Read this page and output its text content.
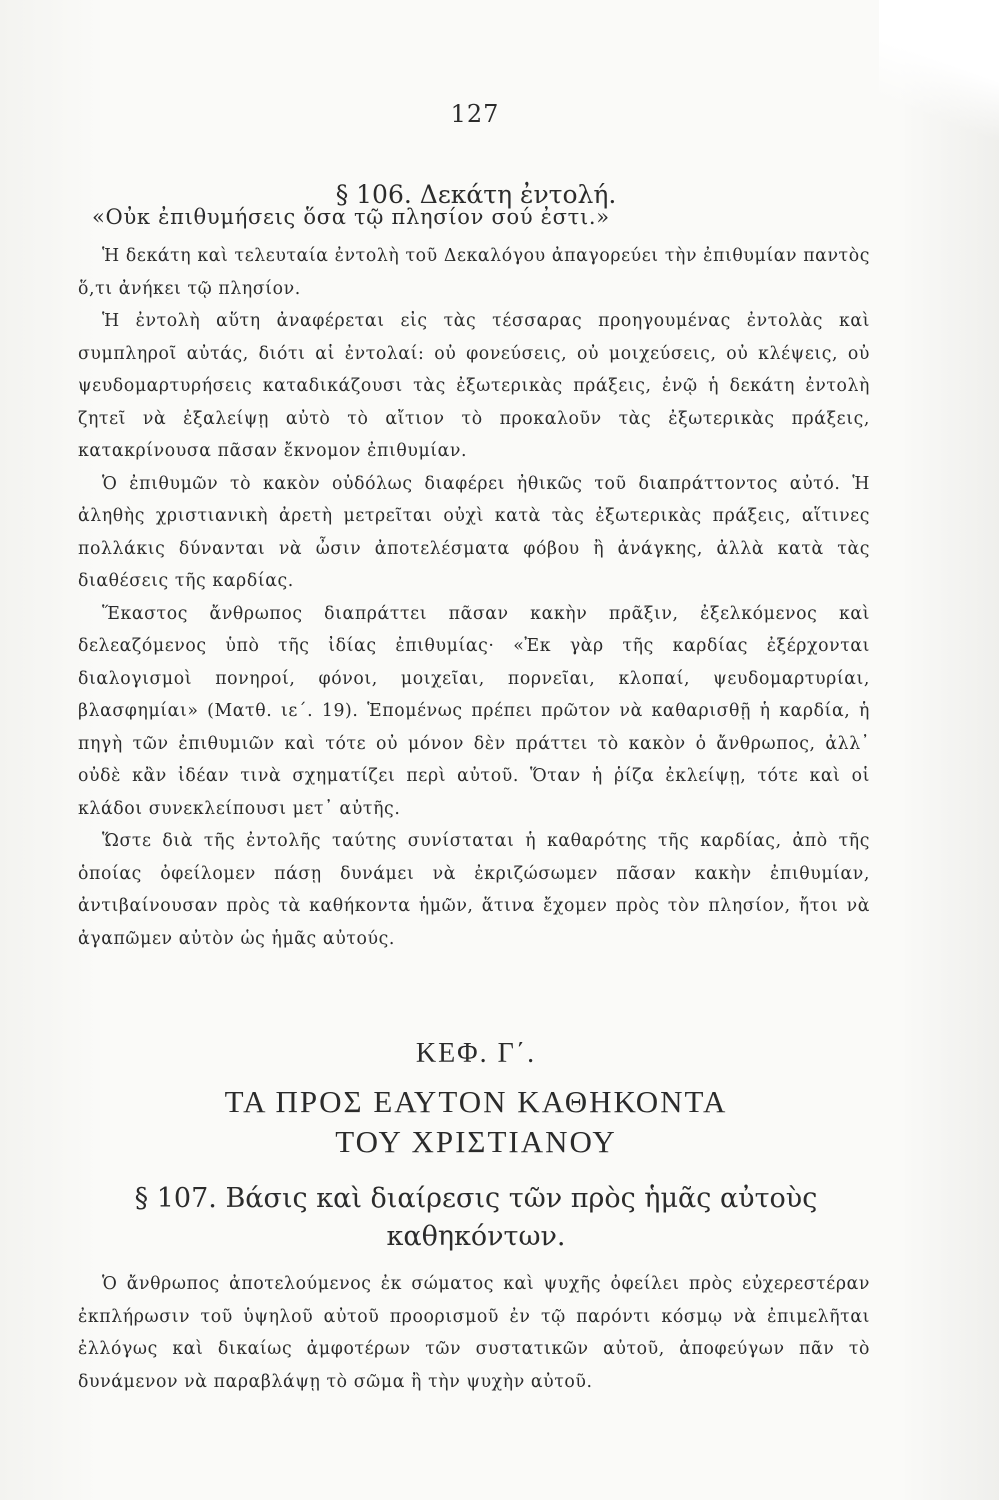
127
§ 106. Δεκάτη ἐντολή.
«Οὐκ ἐπιθυμήσεις ὅσα τῷ πλησίον σού ἐστι.»

Ἡ δεκάτη καὶ τελευταία ἐντολὴ τοῦ Δεκαλόγου ἀπαγορεύει τὴν ἐπιθυμίαν παντὸς ὅ,τι ἀνήκει τῷ πλησίον.

Ἡ ἐντολὴ αὕτη ἀναφέρεται εἰς τὰς τέσσαρας προηγουμένας ἐντολὰς καὶ συμπληροῖ αὐτάς, διότι αἱ ἐντολαί: οὐ φονεύσεις, οὐ μοιχεύσεις, οὐ κλέψεις, οὐ ψευδομαρτυρήσεις καταδικάζουσι τὰς ἐξωτερικὰς πράξεις, ἐνῷ ἡ δεκάτη ἐντολὴ ζητεῖ νὰ ἐξαλείψῃ αὐτὸ τὸ αἴτιον τὸ προκαλοῦν τὰς ἐξωτερικὰς πράξεις, κατακρίνουσα πᾶσαν ἔκνομον ἐπιθυμίαν.

Ὁ ἐπιθυμῶν τὸ κακὸν οὐδόλως διαφέρει ἠθικῶς τοῦ διαπράττοντος αὐτό. Ἡ ἀληθὴς χριστιανικὴ ἀρετὴ μετρεῖται οὐχὶ κατὰ τὰς ἐξωτερικὰς πράξεις, αἵτινες πολλάκις δύνανται νὰ ὦσιν ἀποτελέσματα φόβου ἢ ἀνάγκης, ἀλλὰ κατὰ τὰς διαθέσεις τῆς καρδίας.

Ἕκαστος ἄνθρωπος διαπράττει πᾶσαν κακὴν πρᾶξιν, ἐξελκόμενος καὶ δελεαζόμενος ὑπὸ τῆς ἰδίας ἐπιθυμίας· «Ἐκ γὰρ τῆς καρδίας ἐξέρχονται διαλογισμοὶ πονηροί, φόνοι, μοιχεῖαι, πορνεῖαι, κλοπαί, ψευδομαρτυρίαι, βλασφημίαι» (Ματθ. ιε΄. 19). Ἑπομένως πρέπει πρῶτον νὰ καθαρισθῇ ἡ καρδία, ἡ πηγὴ τῶν ἐπιθυμιῶν καὶ τότε οὐ μόνον δὲν πράττει τὸ κακὸν ὁ ἄνθρωπος, ἀλλ᾽ οὐδὲ κἂν ἰδέαν τινὰ σχηματίζει περὶ αὐτοῦ. Ὅταν ἡ ῥίζα ἐκλείψῃ, τότε καὶ οἱ κλάδοι συνεκλείπουσι μετ᾽ αὐτῆς.

Ὥστε διὰ τῆς ἐντολῆς ταύτης συνίσταται ἡ καθαρότης τῆς καρδίας, ἀπὸ τῆς ὁποίας ὀφείλομεν πάσῃ δυνάμει νὰ ἐκριζώσωμεν πᾶσαν κακὴν ἐπιθυμίαν, ἀντιβαίνουσαν πρὸς τὰ καθήκοντα ἡμῶν, ἅτινα ἔχομεν πρὸς τὸν πλησίον, ἤτοι νὰ ἀγαπῶμεν αὐτὸν ὡς ἡμᾶς αὐτούς.

ΚΕΦ. Γ΄.
ΤΑ ΠΡΟΣ ΕΑΥΤΟΝ ΚΑΘΗΚΟΝΤΑ
ΤΟΥ ΧΡΙΣΤΙΑΝΟΥ
§ 107. Βάσις καὶ διαίρεσις τῶν πρὸς ἡμᾶς αὐτοὺς καθηκόντων.

Ὁ ἄνθρωπος ἀποτελούμενος ἐκ σώματος καὶ ψυχῆς ὀφείλει πρὸς εὐχερεστέραν ἐκπλήρωσιν τοῦ ὑψηλοῦ αὐτοῦ προορισμοῦ ἐν τῷ παρόντι κόσμῳ νὰ ἐπιμελῆται ἐλλόγως καὶ δικαίως ἀμφοτέρων τῶν συστατικῶν αὐτοῦ, ἀποφεύγων πᾶν τὸ δυνάμενον νὰ παραβλάψῃ τὸ σῶμα ἢ τὴν ψυχὴν αὐτοῦ.
